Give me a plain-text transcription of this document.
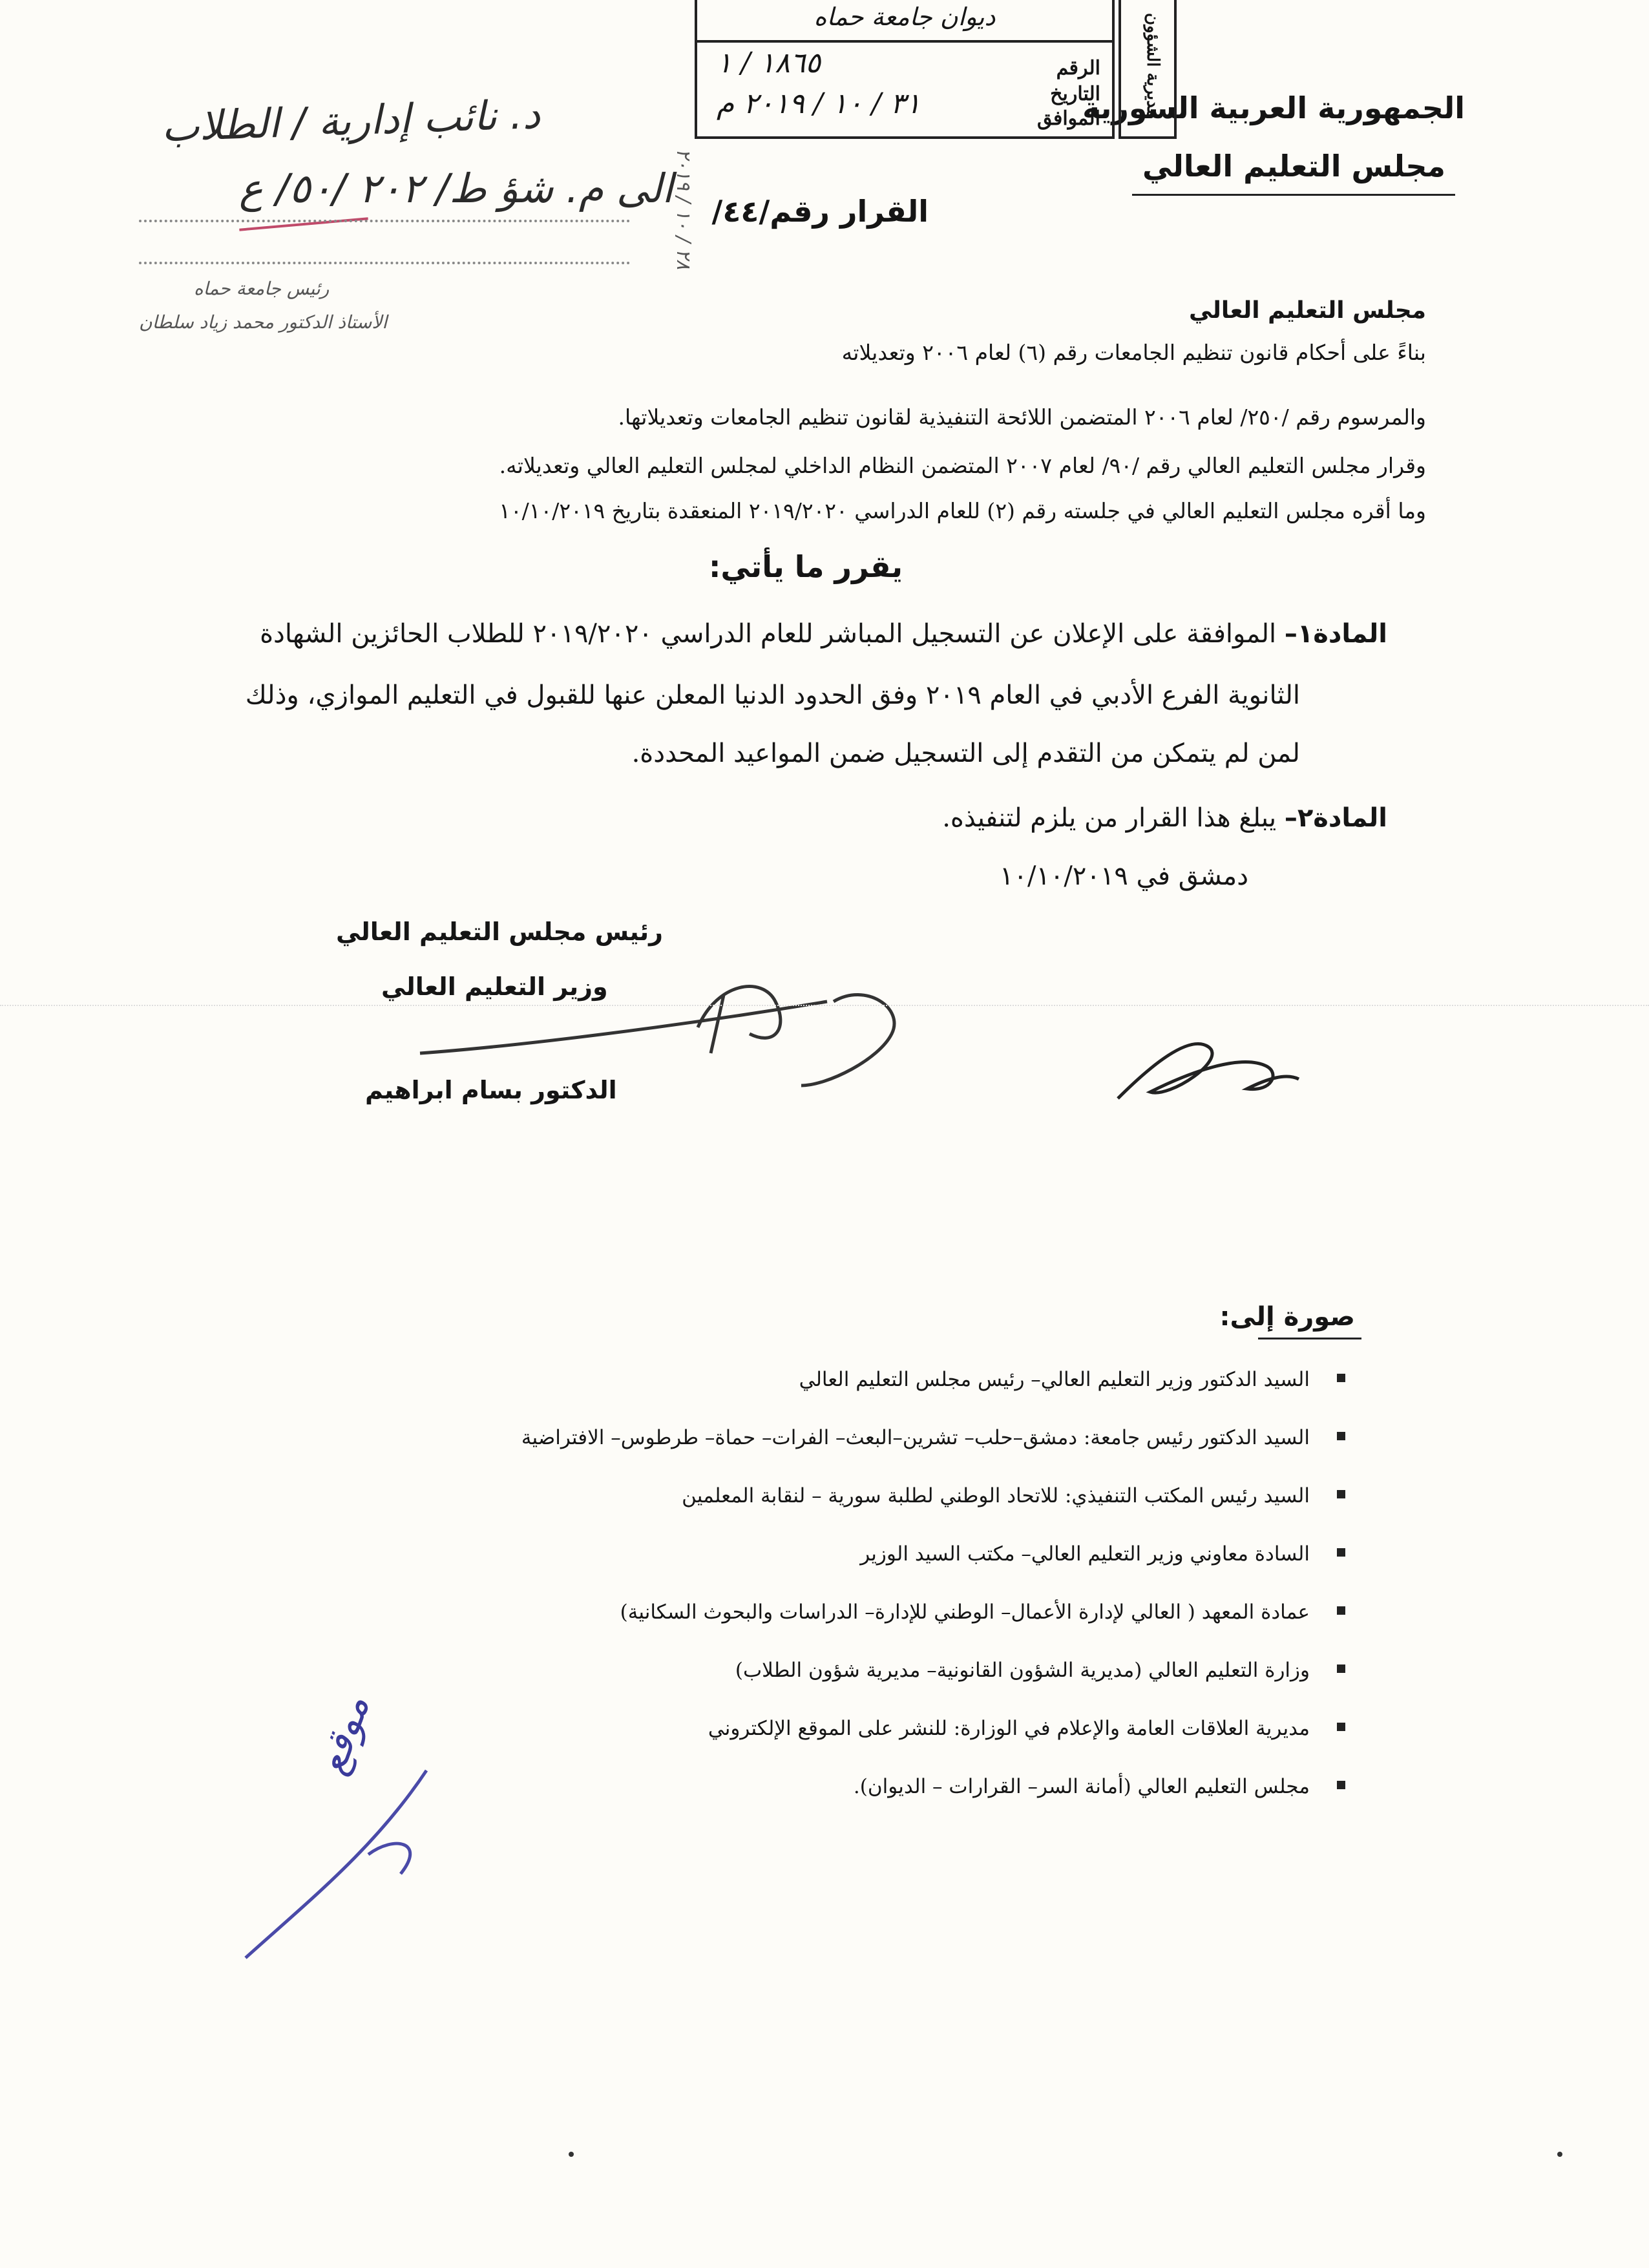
الجمهورية العربية السورية
مجلس التعليم العالي
القرار رقم/٤٤/
ديوان جامعة حماه
الرقم
١٨٦٥ / ١
التاريخ
الموافق
٣١ / ١٠ / ٢٠١٩ م	مديرية الشؤون
د. نائب إدارية / الطلاب
الى م. شؤ ط/ ٢٠٢ /٥٠/ ع
رئيس جامعة حماه
الأستاذ الدكتور محمد زياد سلطان
٢٨ / ١٠ / ٢٠١٩
مجلس التعليم العالي
بناءً على أحكام قانون تنظيم الجامعات رقم (٦) لعام ٢٠٠٦ وتعديلاته
والمرسوم رقم /٢٥٠/ لعام ٢٠٠٦ المتضمن اللائحة التنفيذية لقانون تنظيم الجامعات وتعديلاتها.
وقرار مجلس التعليم العالي رقم /٩٠/ لعام ٢٠٠٧ المتضمن النظام الداخلي لمجلس التعليم العالي وتعديلاته.
وما أقره مجلس التعليم العالي في جلسته رقم (٢) للعام الدراسي ٢٠١٩/٢٠٢٠ المنعقدة بتاريخ ١٠/١٠/٢٠١٩
يقرر ما يأتي:
المادة١– الموافقة على الإعلان عن التسجيل المباشر للعام الدراسي ٢٠١٩/٢٠٢٠ للطلاب الحائزين الشهادة
الثانوية الفرع الأدبي في العام ٢٠١٩ وفق الحدود الدنيا المعلن عنها للقبول في التعليم الموازي، وذلك
لمن لم يتمكن من التقدم إلى التسجيل ضمن المواعيد المحددة.
المادة٢– يبلغ هذا القرار من يلزم لتنفيذه.
دمشق في ١٠/١٠/٢٠١٩
رئيس مجلس التعليم العالي
وزير التعليم العالي
الدكتور بسام ابراهيم
صورة إلى:
السيد الدكتور وزير التعليم العالي– رئيس مجلس التعليم العالي
السيد الدكتور رئيس جامعة: دمشق–حلب– تشرين–البعث– الفرات– حماة– طرطوس– الافتراضية
السيد رئيس المكتب التنفيذي: للاتحاد الوطني لطلبة سورية – لنقابة المعلمين
السادة معاوني وزير التعليم العالي– مكتب السيد الوزير
عمادة المعهد ( العالي لإدارة الأعمال– الوطني للإدارة– الدراسات والبحوث السكانية)
وزارة التعليم العالي (مديرية الشؤون القانونية– مديرية شؤون الطلاب)
مديرية العلاقات العامة والإعلام في الوزارة: للنشر على الموقع الإلكتروني
مجلس التعليم العالي (أمانة السر– القرارات – الديوان).
موقع
